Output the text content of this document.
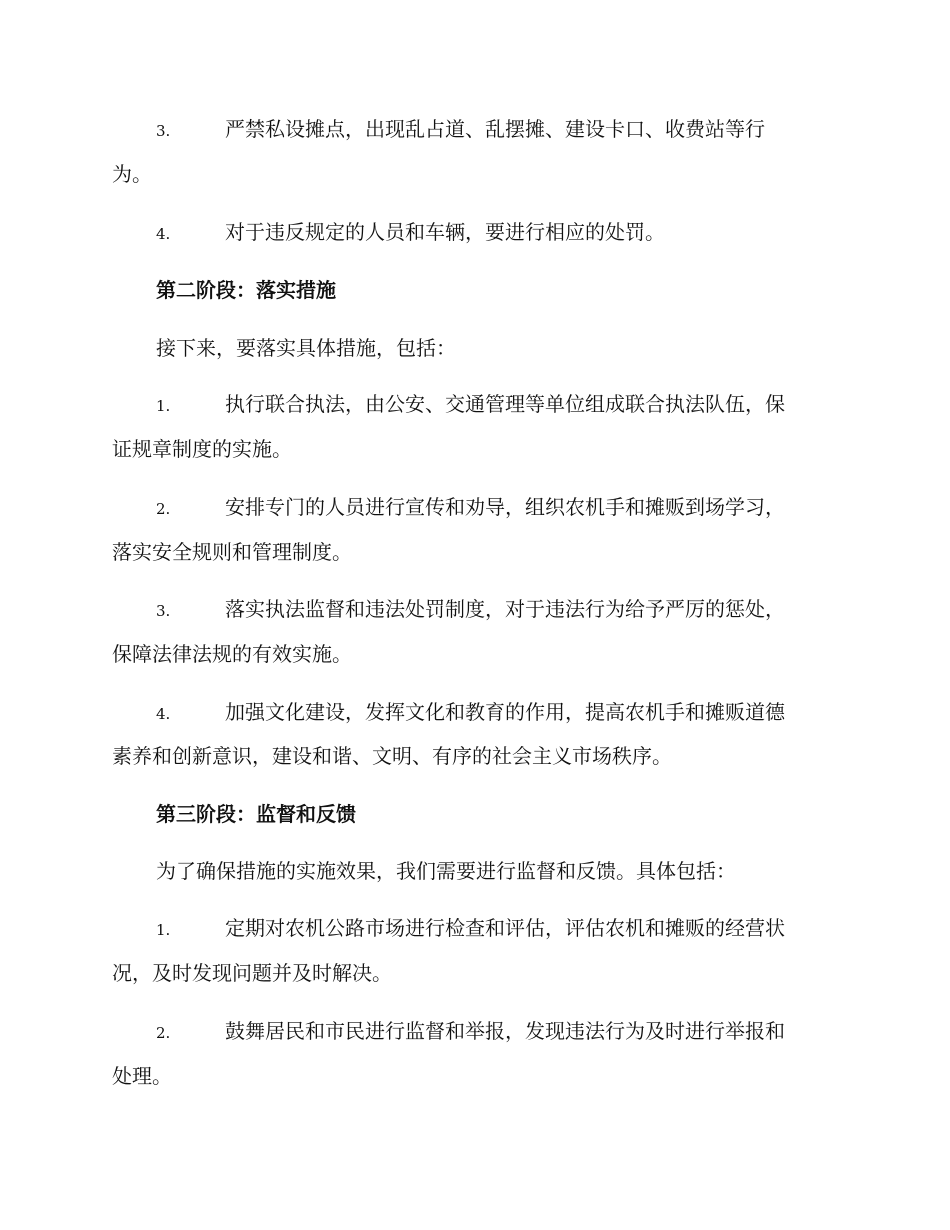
3.	严禁私设摊点，出现乱占道、乱摆摊、建设卡口、收费站等行
为。
4.	对于违反规定的人员和车辆，要进行相应的处罚。
第二阶段：落实措施
接下来，要落实具体措施，包括：
1.	执行联合执法，由公安、交通管理等单位组成联合执法队伍，保
证规章制度的实施。
2.	安排专门的人员进行宣传和劝导，组织农机手和摊贩到场学习，
落实安全规则和管理制度。
3.	落实执法监督和违法处罚制度，对于违法行为给予严厉的惩处，
保障法律法规的有效实施。
4.	加强文化建设，发挥文化和教育的作用，提高农机手和摊贩道德
素养和创新意识，建设和谐、文明、有序的社会主义市场秩序。
第三阶段：监督和反馈
为了确保措施的实施效果，我们需要进行监督和反馈。具体包括：
1.	定期对农机公路市场进行检查和评估，评估农机和摊贩的经营状
况，及时发现问题并及时解决。
2.	鼓舞居民和市民进行监督和举报，发现违法行为及时进行举报和
处理。
